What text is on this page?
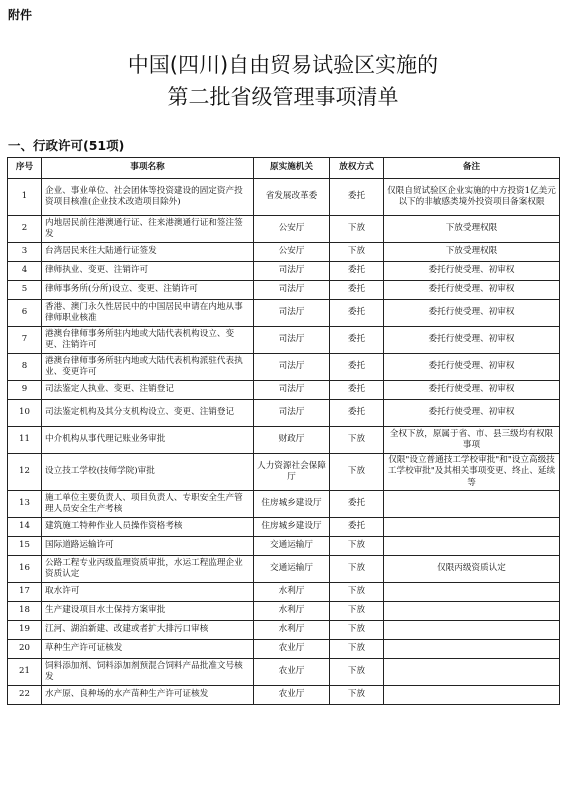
附件
中国(四川)自由贸易试验区实施的
第二批省级管理事项清单
一、行政许可(51项)
序号	事项名称	原实施机关	放权方式	备注
1	企业、事业单位、社会团体等投资建设的固定资产投资项目核准(企业技术改造项目除外)	省发展改革委	委托	仅限自贸试验区企业实施的中方投资1亿美元以下的非敏感类境外投资项目备案权限
2	内地居民前往港澳通行证、往来港澳通行证和签注签发	公安厅	下放	下放受理权限
3	台湾居民来往大陆通行证签发	公安厅	下放	下放受理权限
4	律师执业、变更、注销许可	司法厅	委托	委托行使受理、初审权
5	律师事务所(分所)设立、变更、注销许可	司法厅	委托	委托行使受理、初审权
6	香港、澳门永久性居民中的中国居民申请在内地从事律师职业核准	司法厅	委托	委托行使受理、初审权
7	港澳台律师事务所驻内地或大陆代表机构设立、变更、注销许可	司法厅	委托	委托行使受理、初审权
8	港澳台律师事务所驻内地或大陆代表机构派驻代表执业、变更许可	司法厅	委托	委托行使受理、初审权
9	司法鉴定人执业、变更、注销登记	司法厅	委托	委托行使受理、初审权
10	司法鉴定机构及其分支机构设立、变更、注销登记	司法厅	委托	委托行使受理、初审权
11	中介机构从事代理记账业务审批	财政厅	下放	全权下放，原属于省、市、县三级均有权限事项
12	设立技工学校(技师学院)审批	人力资源社会保障厅	下放	仅限"设立普通技工学校审批"和"设立高级技工学校审批"及其相关事项变更、终止、延续等
13	施工单位主要负责人、项目负责人、专职安全生产管理人员安全生产考核	住房城乡建设厅	委托	
14	建筑施工特种作业人员操作资格考核	住房城乡建设厅	委托	
15	国际道路运输许可	交通运输厅	下放	
16	公路工程专业丙级监理资质审批，水运工程监理企业资质认定	交通运输厅	下放	仅限丙级资质认定
17	取水许可	水利厅	下放	
18	生产建设项目水土保持方案审批	水利厅	下放	
19	江河、湖泊新建、改建或者扩大排污口审核	水利厅	下放	
20	草种生产许可证核发	农业厅	下放	
21	饲料添加剂、饲料添加剂预混合饲料产品批准文号核发	农业厅	下放	
22	水产原、良种场的水产苗种生产许可证核发	农业厅	下放	
